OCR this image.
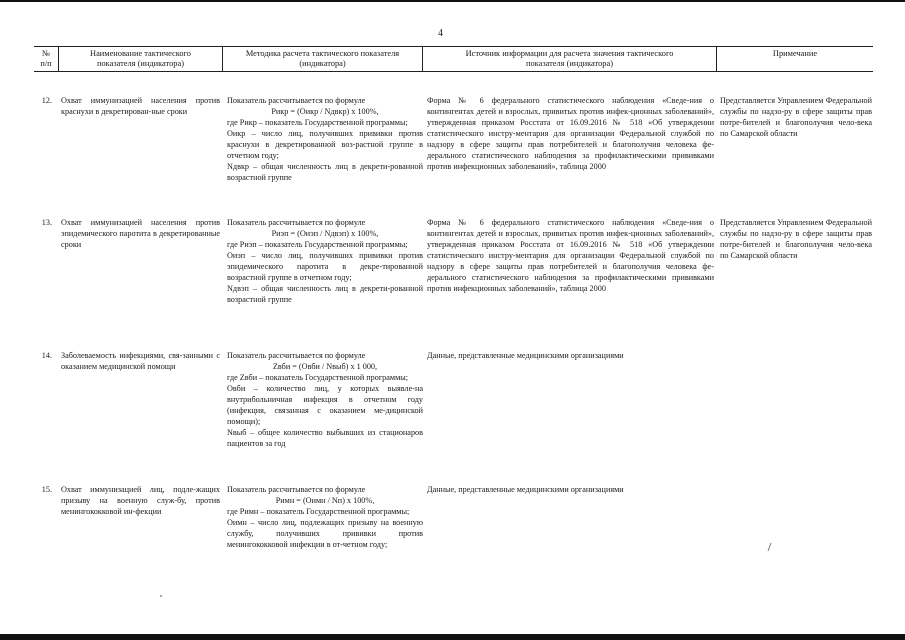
4
№
п/п
Наименование тактического
показателя (индикатора)
Методика расчета тактического показателя
(индикатора)
Источник информации для расчета значения тактического
показателя (индикатора)
Примечание
12. Охват иммунизацией населения против краснухи в декретирован-ные сроки
Показатель рассчитывается по формуле
Pикр = (Oикр / Nдвкр) x 100%,
где Pикр – показатель Государственной программы;
Oикр – число лиц, получивших прививки против краснухи в декретированной воз-растной группе в отчетном году;
Nдвкр – общая численность лиц в декрети-рованной возрастной группе
Форма № 6 федерального статистического наблюдения «Сведе-ния о контингентах детей и взрослых, привитых против инфек-ционных заболеваний», утвержденная приказом Росстата от 16.09.2016 № 518 «Об утверждении статистического инстру-ментария для организации Федеральной службой по надзору в сфере защиты прав потребителей и благополучия человека фе-дерального статистического наблюдения за профилактическими прививками против инфекционных заболеваний», таблица 2000
Представляется Управлением Федеральной службы по надзо-ру в сфере защиты прав потре-бителей и благополучия чело-века по Самарской области
13. Охват иммунизацией населения против эпидемического паротита в декретированные сроки
Показатель рассчитывается по формуле
Pиэп = (Oиэп / Nдвэп) x 100%,
где Pиэп – показатель Государственной программы;
Oиэп – число лиц, получивших прививки против эпидемического паротита в декре-тированной возрастной группе в отчетном году;
Nдвэп – общая численность лиц в декрети-рованной возрастной группе
Форма № 6 федерального статистического наблюдения «Сведе-ния о контингентах детей и взрослых, привитых против инфек-ционных заболеваний», утвержденная приказом Росстата от 16.09.2016 № 518 «Об утверждении статистического инстру-ментария для организации Федеральной службой по надзору в сфере защиты прав потребителей и благополучия человека фе-дерального статистического наблюдения за профилактическими прививками против инфекционных заболеваний», таблица 2000
Представляется Управлением Федеральной службы по надзо-ру в сфере защиты прав потре-бителей и благополучия чело-века по Самарской области
14. Заболеваемость инфекциями, свя-занными с оказанием медицинской помощи
Показатель рассчитывается по формуле
Zвби = (Oвби / Nвыб) x 1 000,
где Zвби – показатель Государственной программы;
Oвби – количество лиц, у которых выявле-на внутрибольничная инфекция в отчетном году (инфекция, связанная с оказанием ме-дицинской помощи);
Nвыб – общее количество выбывших из стационаров пациентов за год
Данные, представленные медицинскими организациями
15. Охват иммунизацией лиц, подле-жащих призыву на военную служ-бу, против менингококковой ин-фекции
Показатель рассчитывается по формуле
Pимн = (Oимн / Nп) x 100%,
где Pимн – показатель Государственной программы;
Oимн – число лиц, подлежащих призыву на военную службу, получивших прививки против менингококковой инфекции в от-четном году;
Данные, представленные медицинскими организациями
